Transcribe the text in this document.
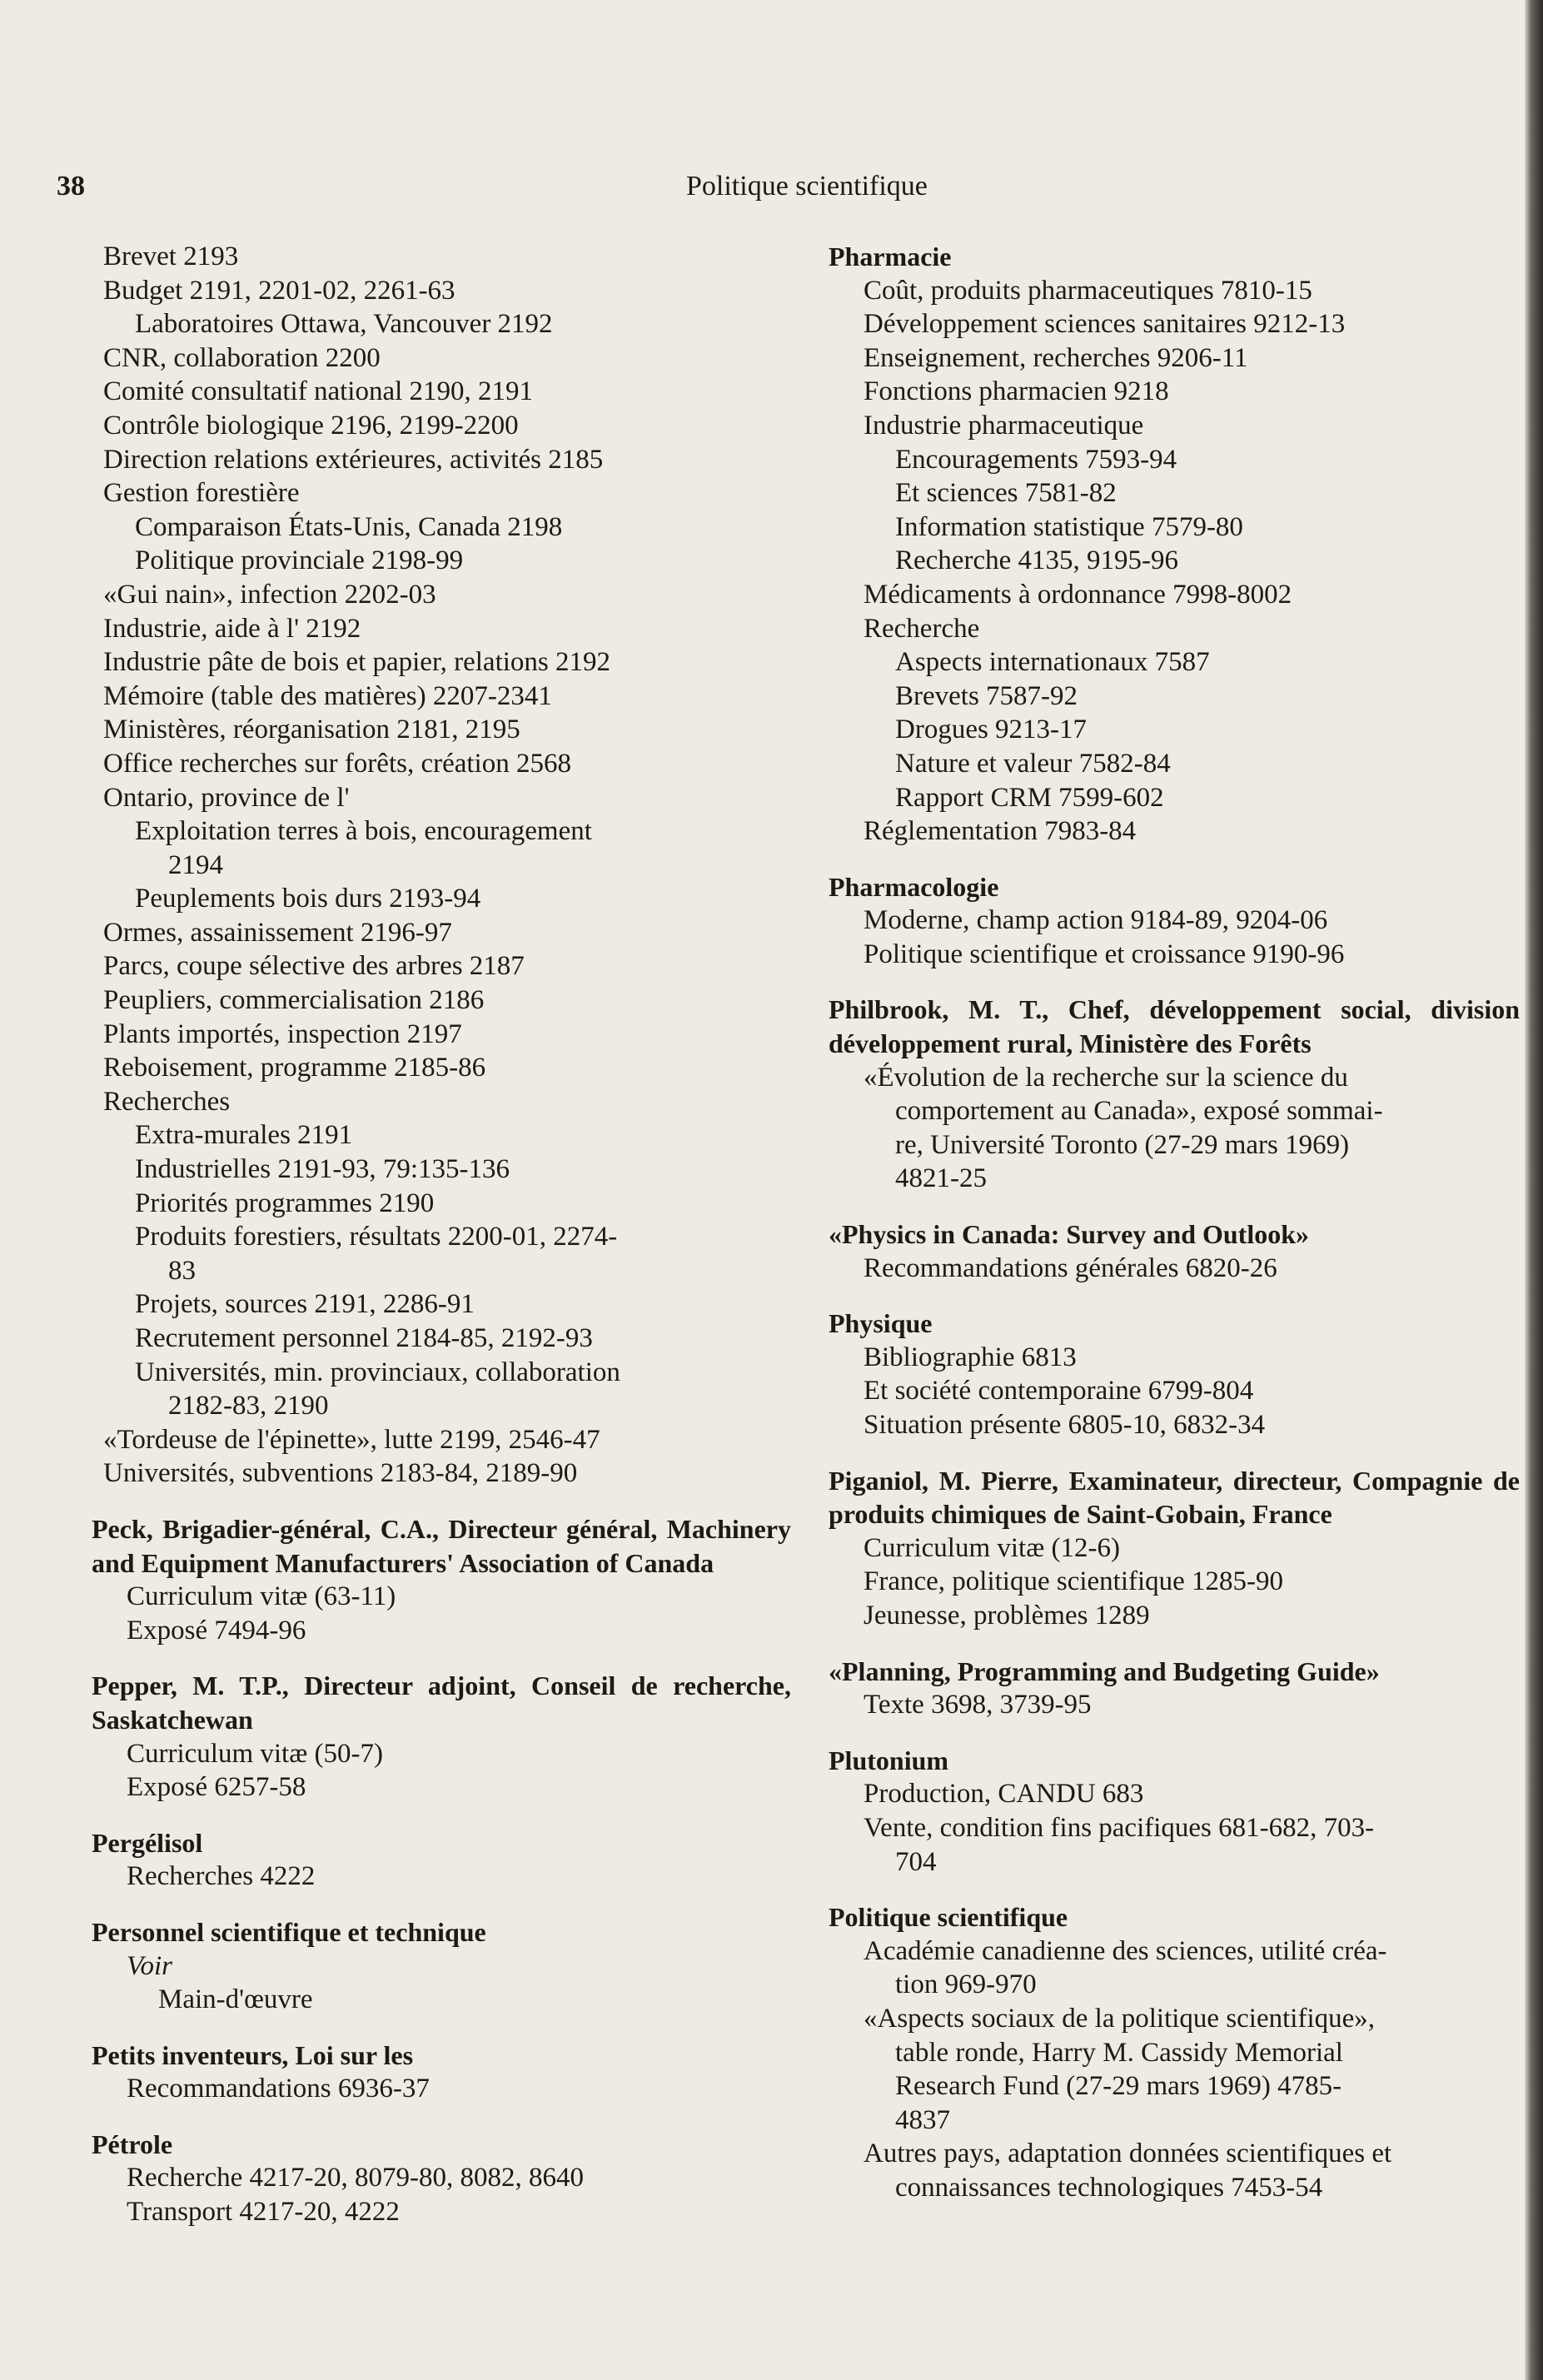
38	Politique scientifique
Brevet 2193
Budget 2191, 2201-02, 2261-63
Laboratoires Ottawa, Vancouver 2192
CNR, collaboration 2200
Comité consultatif national 2190, 2191
Contrôle biologique 2196, 2199-2200
Direction relations extérieures, activités 2185
Gestion forestière
Comparaison États-Unis, Canada 2198
Politique provinciale 2198-99
«Gui nain», infection 2202-03
Industrie, aide à l' 2192
Industrie pâte de bois et papier, relations 2192
Mémoire (table des matières) 2207-2341
Ministères, réorganisation 2181, 2195
Office recherches sur forêts, création 2568
Ontario, province de l'
Exploitation terres à bois, encouragement
2194
Peuplements bois durs 2193-94
Ormes, assainissement 2196-97
Parcs, coupe sélective des arbres 2187
Peupliers, commercialisation 2186
Plants importés, inspection 2197
Reboisement, programme 2185-86
Recherches
Extra-murales 2191
Industrielles 2191-93, 79:135-136
Priorités programmes 2190
Produits forestiers, résultats 2200-01, 2274-
83
Projets, sources 2191, 2286-91
Recrutement personnel 2184-85, 2192-93
Universités, min. provinciaux, collaboration
2182-83, 2190
«Tordeuse de l'épinette», lutte 2199, 2546-47
Universités, subventions 2183-84, 2189-90
Peck, Brigadier-général, C.A., Directeur général, Machinery and Equipment Manufacturers' Association of Canada
Curriculum vitæ (63-11)
Exposé 7494-96
Pepper, M. T.P., Directeur adjoint, Conseil de recherche, Saskatchewan
Curriculum vitæ (50-7)
Exposé 6257-58
Pergélisol
Recherches 4222
Personnel scientifique et technique
Voir
Main-d'œuvre
Petits inventeurs, Loi sur les
Recommandations 6936-37
Pétrole
Recherche 4217-20, 8079-80, 8082, 8640
Transport 4217-20, 4222
Pharmacie
Coût, produits pharmaceutiques 7810-15
Développement sciences sanitaires 9212-13
Enseignement, recherches 9206-11
Fonctions pharmacien 9218
Industrie pharmaceutique
Encouragements 7593-94
Et sciences 7581-82
Information statistique 7579-80
Recherche 4135, 9195-96
Médicaments à ordonnance 7998-8002
Recherche
Aspects internationaux 7587
Brevets 7587-92
Drogues 9213-17
Nature et valeur 7582-84
Rapport CRM 7599-602
Réglementation 7983-84
Pharmacologie
Moderne, champ action 9184-89, 9204-06
Politique scientifique et croissance 9190-96
Philbrook, M. T., Chef, développement social, division développement rural, Ministère des Forêts
«Évolution de la recherche sur la science du
comportement au Canada», exposé sommai-
re, Université Toronto (27-29 mars 1969)
4821-25
«Physics in Canada: Survey and Outlook»
Recommandations générales 6820-26
Physique
Bibliographie 6813
Et société contemporaine 6799-804
Situation présente 6805-10, 6832-34
Piganiol, M. Pierre, Examinateur, directeur, Compagnie de produits chimiques de Saint-Gobain, France
Curriculum vitæ (12-6)
France, politique scientifique 1285-90
Jeunesse, problèmes 1289
«Planning, Programming and Budgeting Guide»
Texte 3698, 3739-95
Plutonium
Production, CANDU 683
Vente, condition fins pacifiques 681-682, 703-
704
Politique scientifique
Académie canadienne des sciences, utilité créa-
tion 969-970
«Aspects sociaux de la politique scientifique»,
table ronde, Harry M. Cassidy Memorial
Research Fund (27-29 mars 1969) 4785-
4837
Autres pays, adaptation données scientifiques et
connaissances technologiques 7453-54
